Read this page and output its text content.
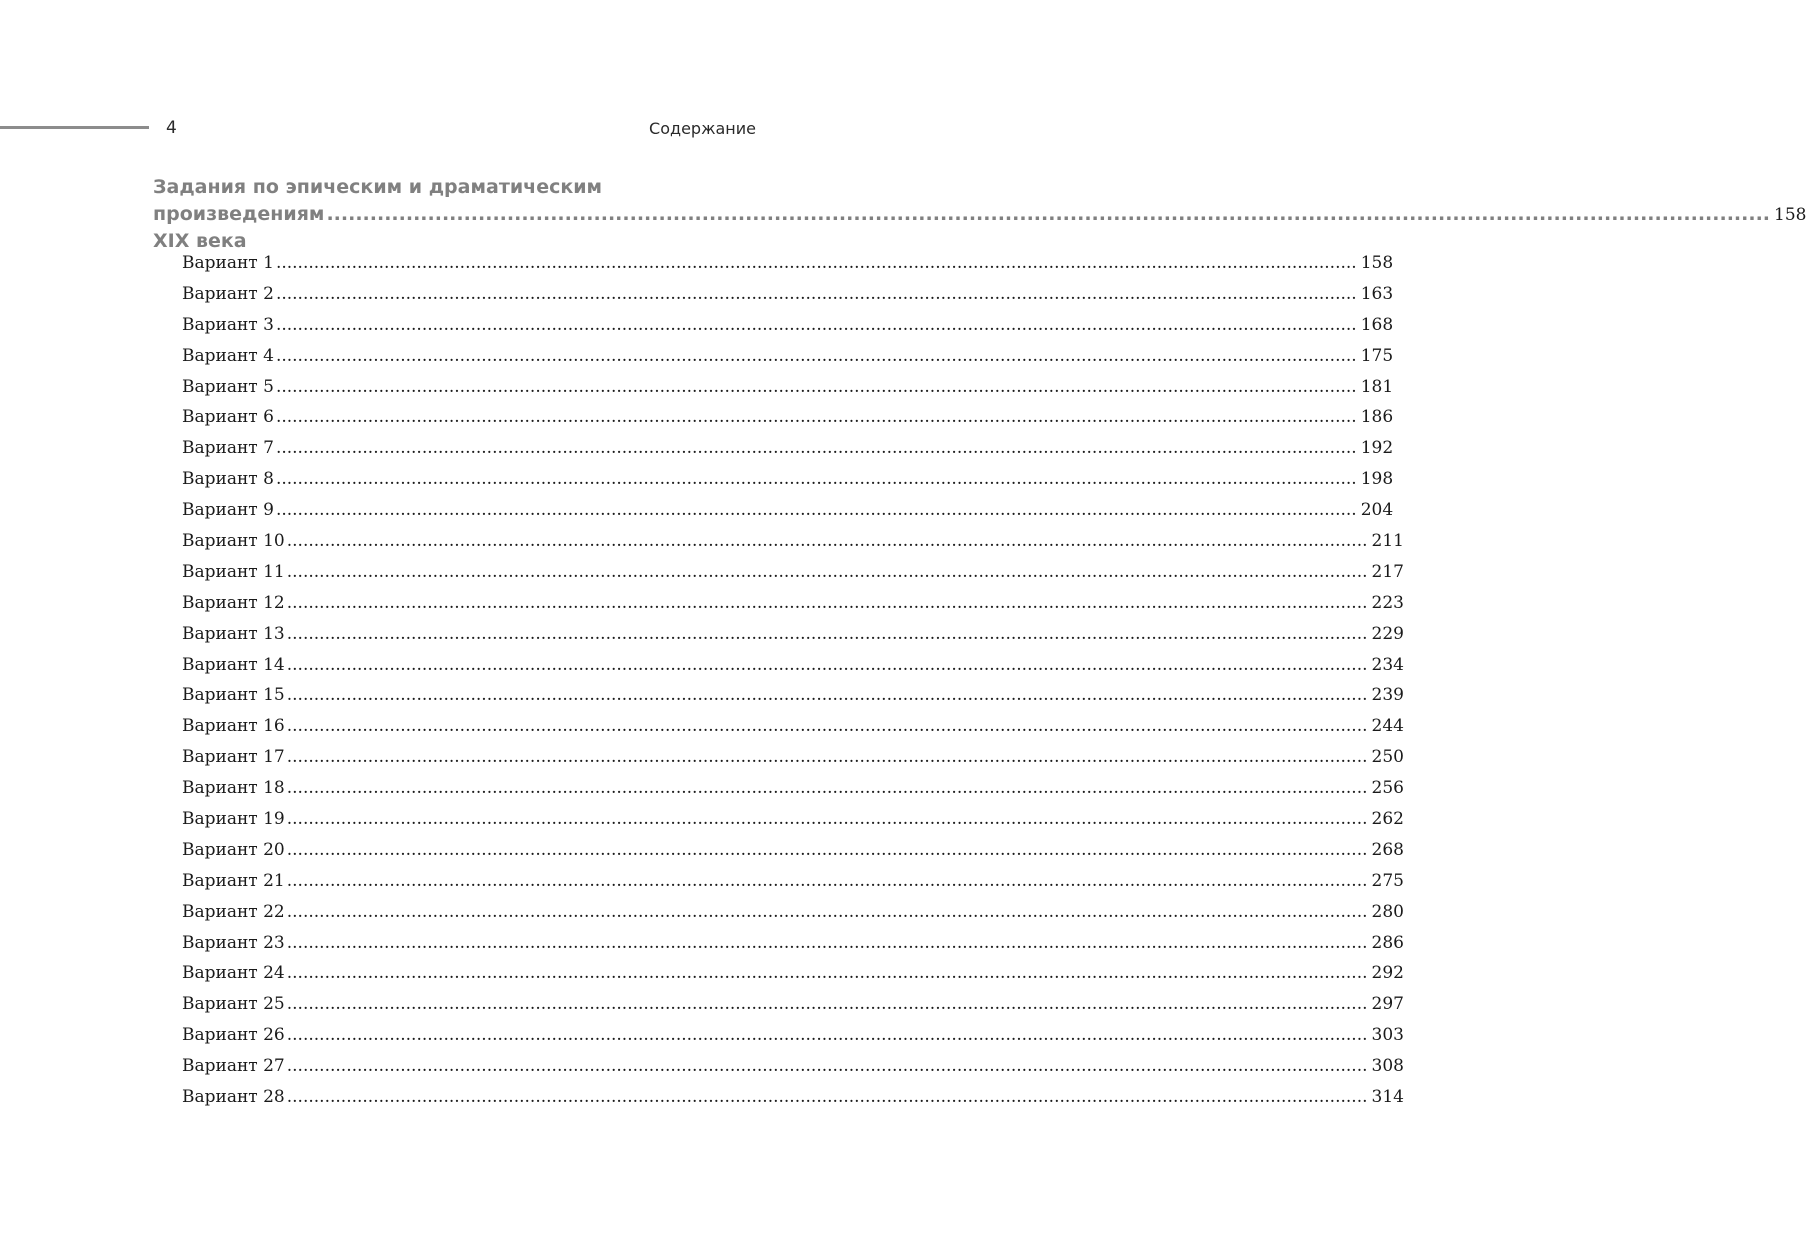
4	Содержание
Задания по эпическим и драматическим
произведениям XIX века
........................................................................................................................................................................................................ 158
Вариант 1 ........................................................................................................................................................................................................ 158
Вариант 2 ........................................................................................................................................................................................................ 163
Вариант 3 ........................................................................................................................................................................................................ 168
Вариант 4 ........................................................................................................................................................................................................ 175
Вариант 5 ........................................................................................................................................................................................................ 181
Вариант 6 ........................................................................................................................................................................................................ 186
Вариант 7 ........................................................................................................................................................................................................ 192
Вариант 8 ........................................................................................................................................................................................................ 198
Вариант 9 ........................................................................................................................................................................................................ 204
Вариант 10 ........................................................................................................................................................................................................ 211
Вариант 11 ........................................................................................................................................................................................................ 217
Вариант 12 ........................................................................................................................................................................................................ 223
Вариант 13 ........................................................................................................................................................................................................ 229
Вариант 14 ........................................................................................................................................................................................................ 234
Вариант 15 ........................................................................................................................................................................................................ 239
Вариант 16 ........................................................................................................................................................................................................ 244
Вариант 17 ........................................................................................................................................................................................................ 250
Вариант 18 ........................................................................................................................................................................................................ 256
Вариант 19 ........................................................................................................................................................................................................ 262
Вариант 20 ........................................................................................................................................................................................................ 268
Вариант 21 ........................................................................................................................................................................................................ 275
Вариант 22 ........................................................................................................................................................................................................ 280
Вариант 23 ........................................................................................................................................................................................................ 286
Вариант 24 ........................................................................................................................................................................................................ 292
Вариант 25 ........................................................................................................................................................................................................ 297
Вариант 26 ........................................................................................................................................................................................................ 303
Вариант 27 ........................................................................................................................................................................................................ 308
Вариант 28 ........................................................................................................................................................................................................ 314
